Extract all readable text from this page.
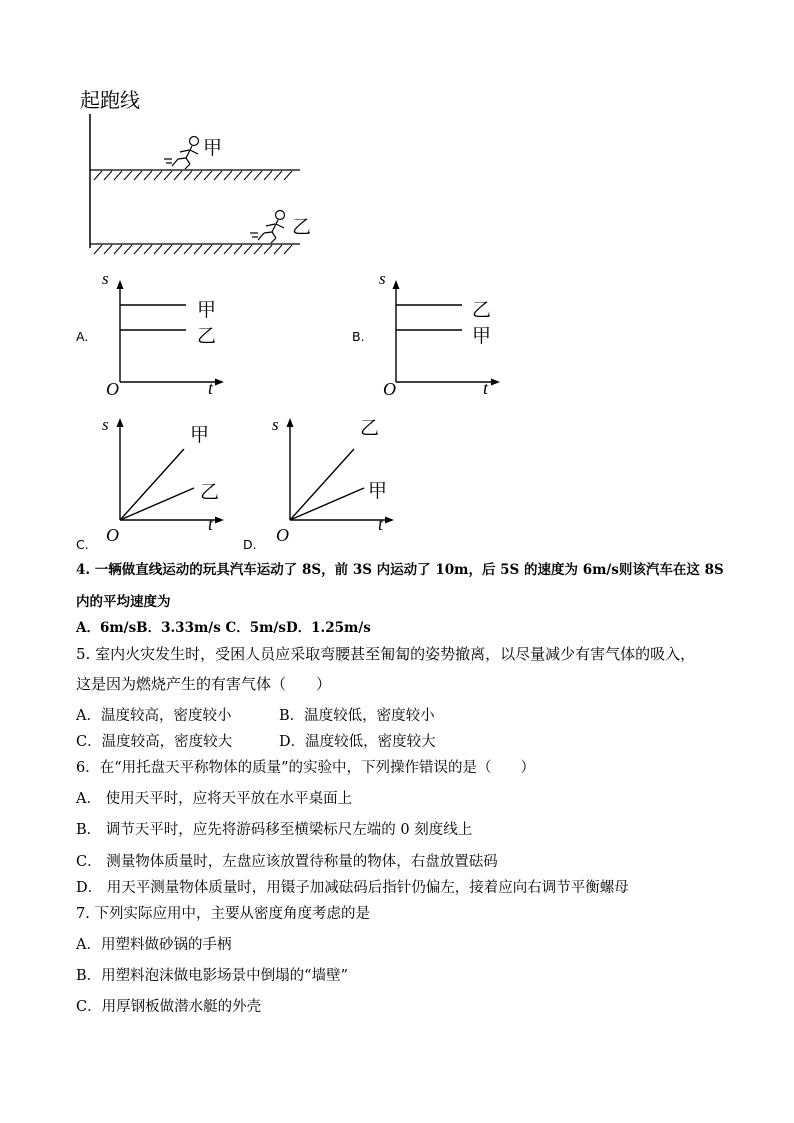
起跑线
甲
乙
A.
s
t
O
甲
乙	B.
s
t
O
乙
甲
C.
s
t
O
甲
乙
D.
s
t
O
乙
甲
4. 一辆做直线运动的玩具汽车运动了 8S，前 3S 内运动了 10m，后 5S 的速度为 6m/s则该汽车在这 8S
内的平均速度为
A．6m/sB．3.33m/s C．5m/sD．1.25m/s
5. 室内火灾发生时，受困人员应采取弯腰甚至匍匐的姿势撤离，以尽量减少有害气体的吸入，
这是因为燃烧产生的有害气体（　　）
A．温度较高，密度较小	B．温度较低，密度较小
C．温度较高，密度较大	D．温度较低，密度较大
6．在“用托盘天平称物体的质量”的实验中，下列操作错误的是（　　）
A． 使用天平时，应将天平放在水平桌面上
B． 调节天平时，应先将游码移至横梁标尺左端的 0 刻度线上
C． 测量物体质量时，左盘应该放置待称量的物体，右盘放置砝码
D． 用天平测量物体质量时，用镊子加减砝码后指针仍偏左，接着应向右调节平衡螺母
7. 下列实际应用中，主要从密度角度考虑的是
A．用塑料做砂锅的手柄
B．用塑料泡沫做电影场景中倒塌的“墙壁”
C．用厚钢板做潜水艇的外壳
